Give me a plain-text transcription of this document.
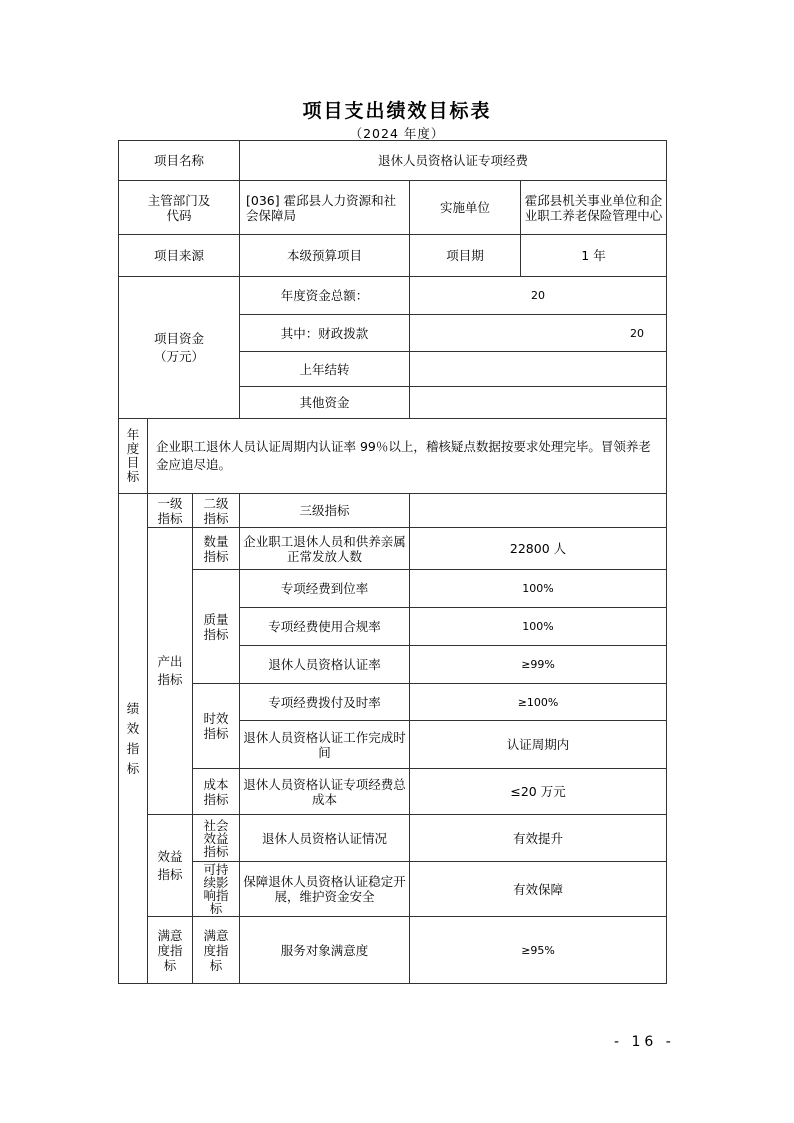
项目支出绩效目标表
（2024 年度）
项目名称			退休人员资格认证专项经费		

主管部门及代码			[036] 霍邱县人力资源和社会保障局	实施单位	霍邱县机关事业单位和企业职工养老保险管理中心
项目来源			本级预算项目	项目期	1 年

项目资金（万元）			年度资金总额：	20	
			其中：财政拨款	20	
			上年结转		
			其他资金		

年度目标	企业职工退休人员认证周期内认证率 99％以上，稽核疑点数据按要求处理完毕。冒领养老金应追尽追。				

绩效指标	一级指标	二级指标	三级指标		

	产出指标	数量指标	企业职工退休人员和供养亲属正常发放人数	22800 人	

		质量指标	专项经费到位率	100%	
			专项经费使用合规率	100%	
			退休人员资格认证率	≥99%	

		时效指标	专项经费拨付及时率	≥100%	
			退休人员资格认证工作完成时间	认证周期内	

		成本指标	退休人员资格认证专项经费总成本	≤20 万元	

	效益指标	社会效益指标	退休人员资格认证情况	有效提升	

		可持续影响指标	保障退休人员资格认证稳定开展，维护资金安全	有效保障	

	满意度指标	满意度指标	服务对象满意度	≥95%	
- 16 -
